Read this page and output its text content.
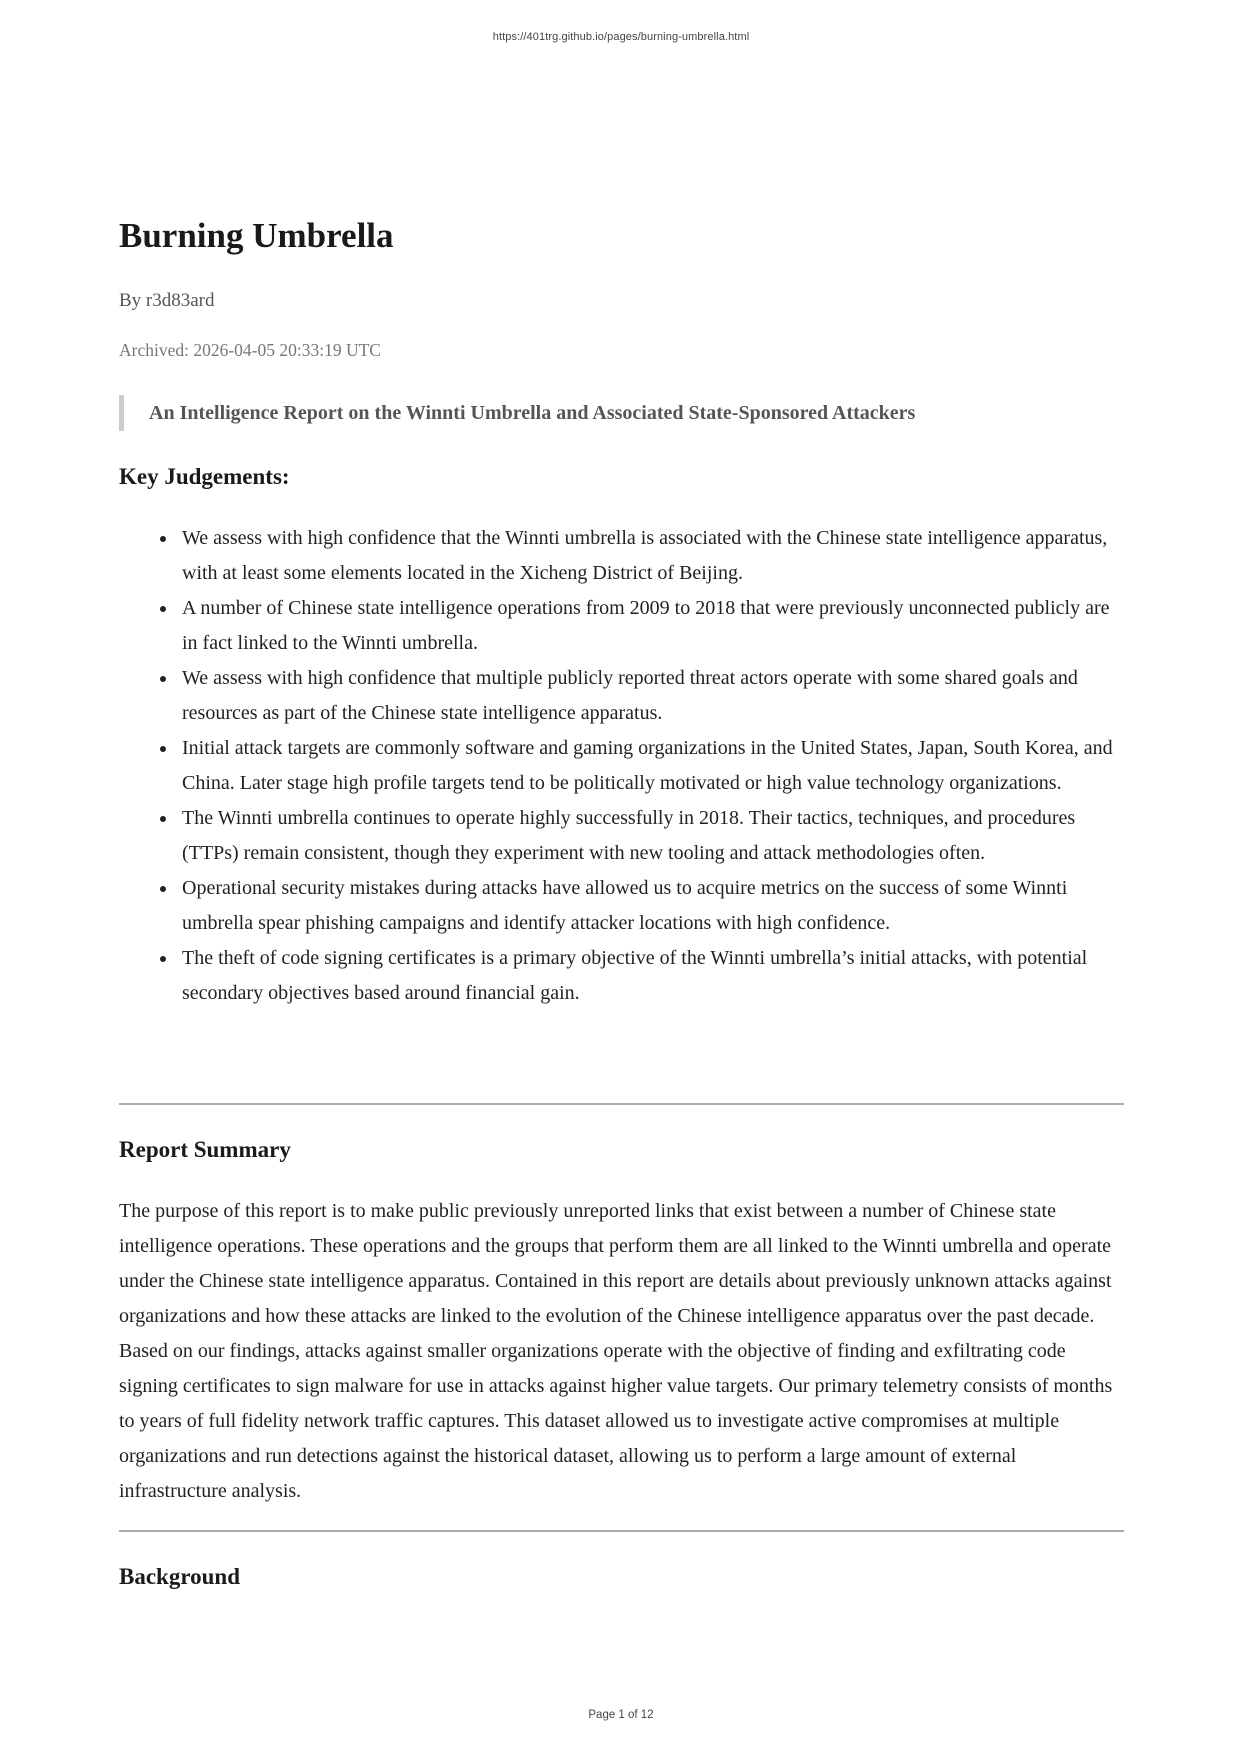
https://401trg.github.io/pages/burning-umbrella.html
Burning Umbrella

By r3d83ard

Archived: 2026-04-05 20:33:19 UTC

An Intelligence Report on the Winnti Umbrella and Associated State-Sponsored Attackers
Key Judgements:
We assess with high confidence that the Winnti umbrella is associated with the Chinese state intelligence apparatus, with at least some elements located in the Xicheng District of Beijing.
A number of Chinese state intelligence operations from 2009 to 2018 that were previously unconnected publicly are in fact linked to the Winnti umbrella.
We assess with high confidence that multiple publicly reported threat actors operate with some shared goals and resources as part of the Chinese state intelligence apparatus.
Initial attack targets are commonly software and gaming organizations in the United States, Japan, South Korea, and China. Later stage high profile targets tend to be politically motivated or high value technology organizations.
The Winnti umbrella continues to operate highly successfully in 2018. Their tactics, techniques, and procedures (TTPs) remain consistent, though they experiment with new tooling and attack methodologies often.
Operational security mistakes during attacks have allowed us to acquire metrics on the success of some Winnti umbrella spear phishing campaigns and identify attacker locations with high confidence.
The theft of code signing certificates is a primary objective of the Winnti umbrella’s initial attacks, with potential secondary objectives based around financial gain.
Report Summary

The purpose of this report is to make public previously unreported links that exist between a number of Chinese state intelligence operations. These operations and the groups that perform them are all linked to the Winnti umbrella and operate under the Chinese state intelligence apparatus. Contained in this report are details about previously unknown attacks against organizations and how these attacks are linked to the evolution of the Chinese intelligence apparatus over the past decade. Based on our findings, attacks against smaller organizations operate with the objective of finding and exfiltrating code signing certificates to sign malware for use in attacks against higher value targets. Our primary telemetry consists of months to years of full fidelity network traffic captures. This dataset allowed us to investigate active compromises at multiple organizations and run detections against the historical dataset, allowing us to perform a large amount of external infrastructure analysis.

Background
Page 1 of 12
